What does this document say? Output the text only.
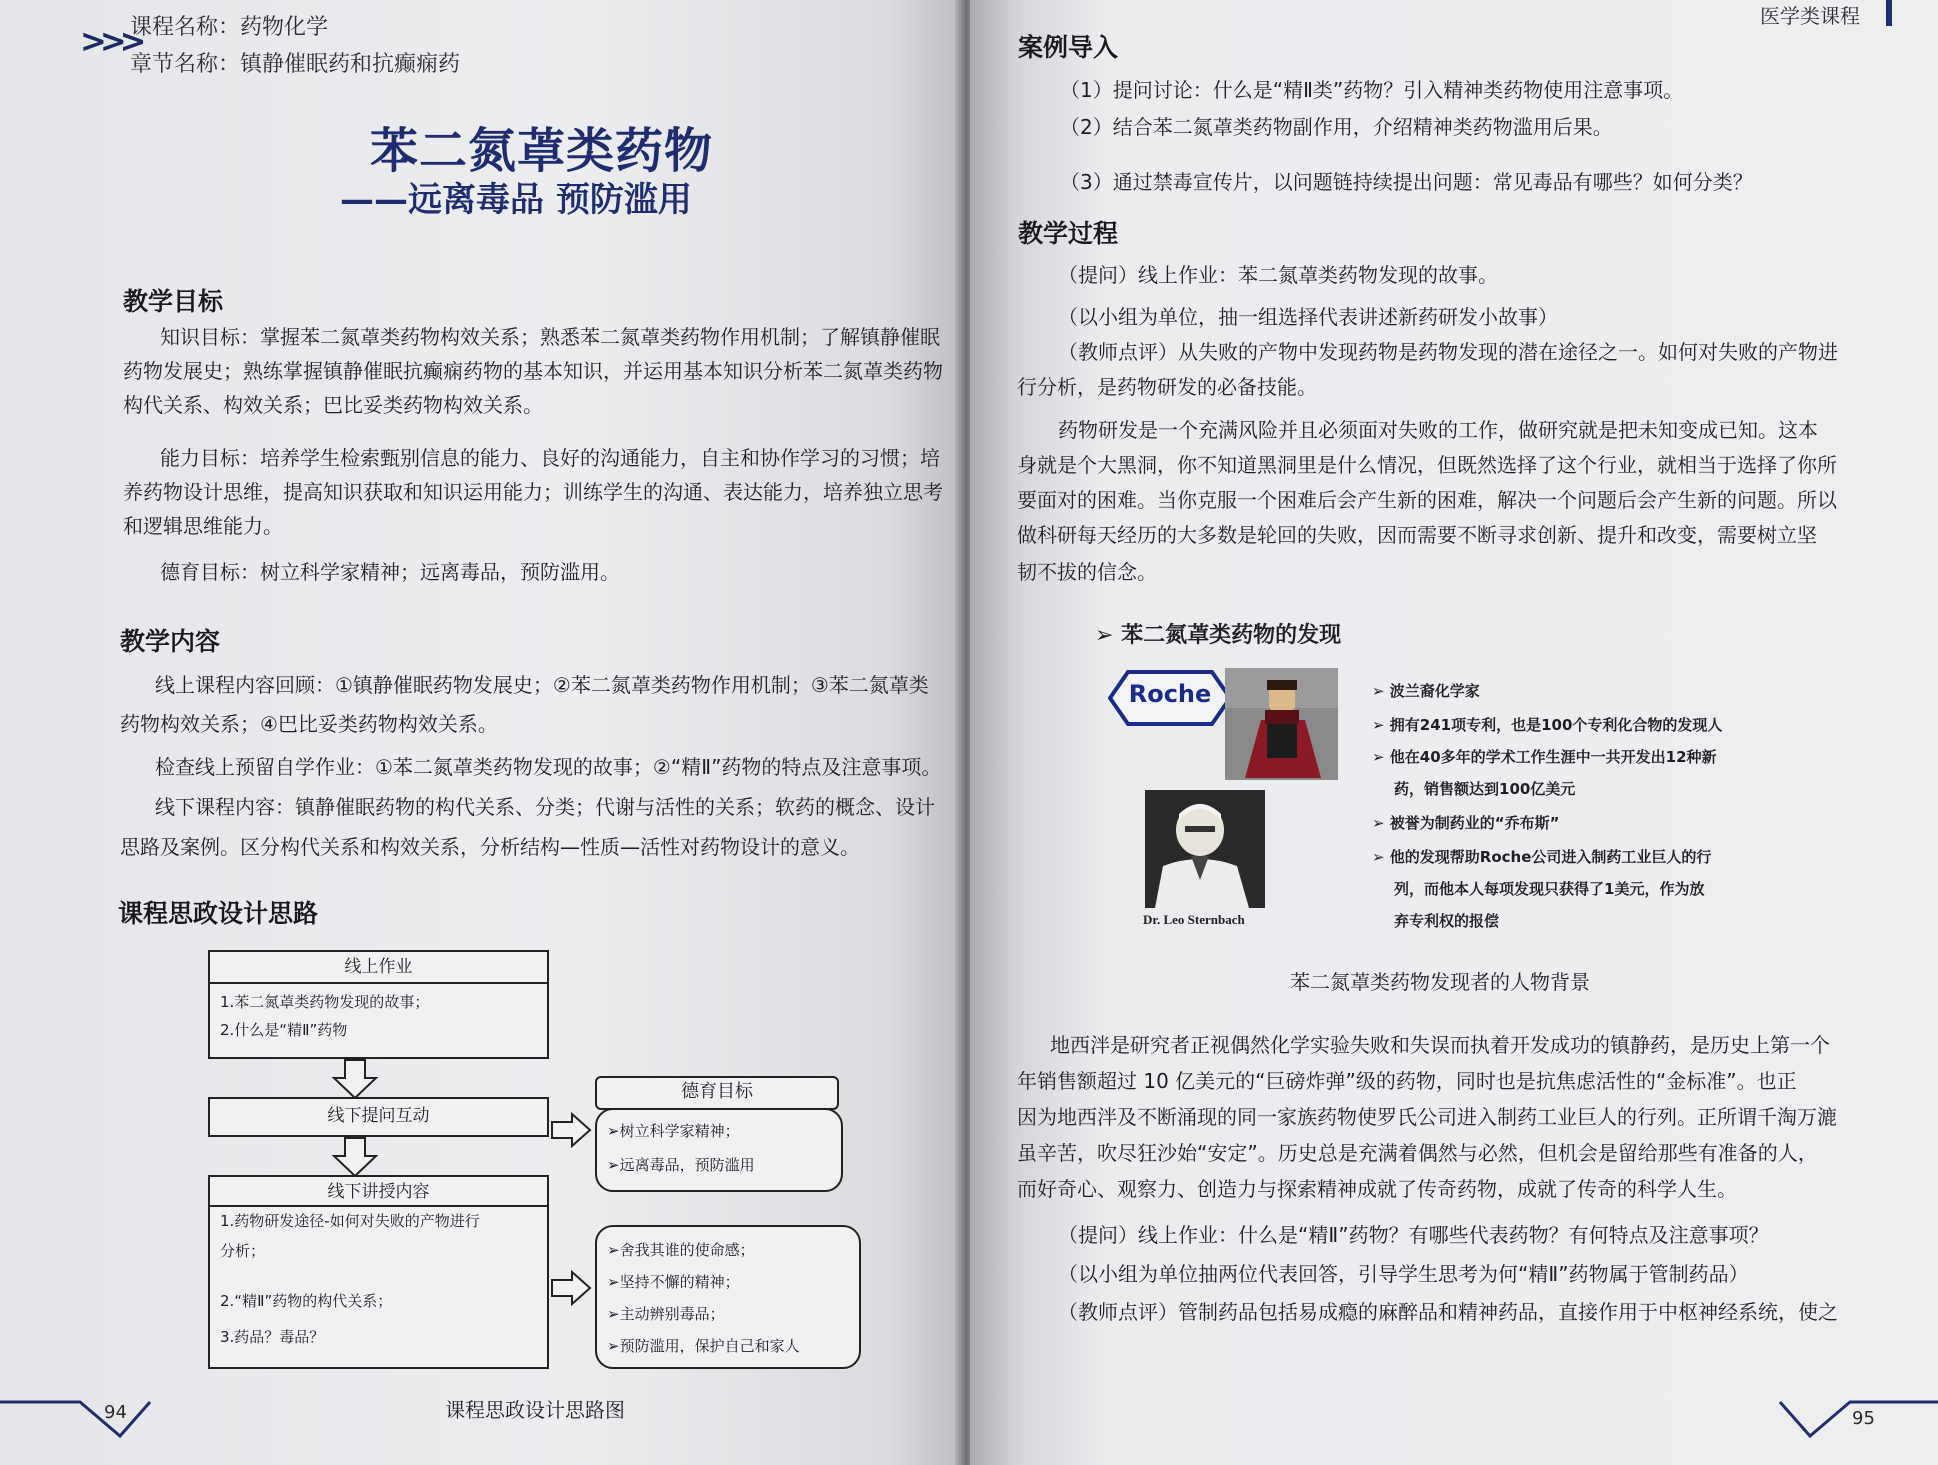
>>>
课程名称：药物化学
章节名称：镇静催眠药和抗癫痫药
苯二氮䓬类药物
——远离毒品 预防滥用
教学目标
知识目标：掌握苯二氮䓬类药物构效关系；熟悉苯二氮䓬类药物作用机制；了解镇静催眠
药物发展史；熟练掌握镇静催眠抗癫痫药物的基本知识，并运用基本知识分析苯二氮䓬类药物
构代关系、构效关系；巴比妥类药物构效关系。
能力目标：培养学生检索甄别信息的能力、良好的沟通能力，自主和协作学习的习惯；培
养药物设计思维，提高知识获取和知识运用能力；训练学生的沟通、表达能力，培养独立思考
和逻辑思维能力。
德育目标：树立科学家精神；远离毒品，预防滥用。
教学内容
线上课程内容回顾：①镇静催眠药物发展史；②苯二氮䓬类药物作用机制；③苯二氮䓬类
药物构效关系；④巴比妥类药物构效关系。
检查线上预留自学作业：①苯二氮䓬类药物发现的故事；②“精Ⅱ”药物的特点及注意事项。
线下课程内容：镇静催眠药物的构代关系、分类；代谢与活性的关系；软药的概念、设计
思路及案例。区分构代关系和构效关系，分析结构—性质—活性对药物设计的意义。
课程思政设计思路
线上作业
1.苯二氮䓬类药物发现的故事；
2.什么是“精Ⅱ”药物
线下提问互动
线下讲授内容
1.药物研发途径-如何对失败的产物进行
分析；
2.“精Ⅱ”药物的构代关系；
3.药品？毒品？
德育目标
➢树立科学家精神；
➢远离毒品，预防滥用
➢舍我其谁的使命感；
➢坚持不懈的精神；
➢主动辨别毒品；
➢预防滥用，保护自己和家人
课程思政设计思路图
94
医学类课程
案例导入
（1）提问讨论：什么是“精Ⅱ类”药物？引入精神类药物使用注意事项。
（2）结合苯二氮䓬类药物副作用，介绍精神类药物滥用后果。
（3）通过禁毒宣传片，以问题链持续提出问题：常见毒品有哪些？如何分类？
教学过程
（提问）线上作业：苯二氮䓬类药物发现的故事。
（以小组为单位，抽一组选择代表讲述新药研发小故事）
（教师点评）从失败的产物中发现药物是药物发现的潜在途径之一。如何对失败的产物进
行分析，是药物研发的必备技能。
药物研发是一个充满风险并且必须面对失败的工作，做研究就是把未知变成已知。这本
身就是个大黑洞，你不知道黑洞里是什么情况，但既然选择了这个行业，就相当于选择了你所
要面对的困难。当你克服一个困难后会产生新的困难，解决一个问题后会产生新的问题。所以
做科研每天经历的大多数是轮回的失败，因而需要不断寻求创新、提升和改变，需要树立坚
韧不拔的信念。
➢ 苯二氮䓬类药物的发现
Roche
Dr. Leo Sternbach
➢ 波兰裔化学家
➢ 拥有241项专利，也是100个专利化合物的发现人
➢ 他在40多年的学术工作生涯中一共开发出12种新
药，销售额达到100亿美元
➢ 被誉为制药业的“乔布斯”
➢ 他的发现帮助Roche公司进入制药工业巨人的行
列，而他本人每项发现只获得了1美元，作为放
弃专利权的报偿
苯二氮䓬类药物发现者的人物背景
地西泮是研究者正视偶然化学实验失败和失误而执着开发成功的镇静药，是历史上第一个
年销售额超过 10 亿美元的“巨磅炸弹”级的药物，同时也是抗焦虑活性的“金标准”。也正
因为地西泮及不断涌现的同一家族药物使罗氏公司进入制药工业巨人的行列。正所谓千淘万漉
虽辛苦，吹尽狂沙始“安定”。历史总是充满着偶然与必然，但机会是留给那些有准备的人，
而好奇心、观察力、创造力与探索精神成就了传奇药物，成就了传奇的科学人生。
（提问）线上作业：什么是“精Ⅱ”药物？有哪些代表药物？有何特点及注意事项？
（以小组为单位抽两位代表回答，引导学生思考为何“精Ⅱ”药物属于管制药品）
（教师点评）管制药品包括易成瘾的麻醉品和精神药品，直接作用于中枢神经系统，使之
95
